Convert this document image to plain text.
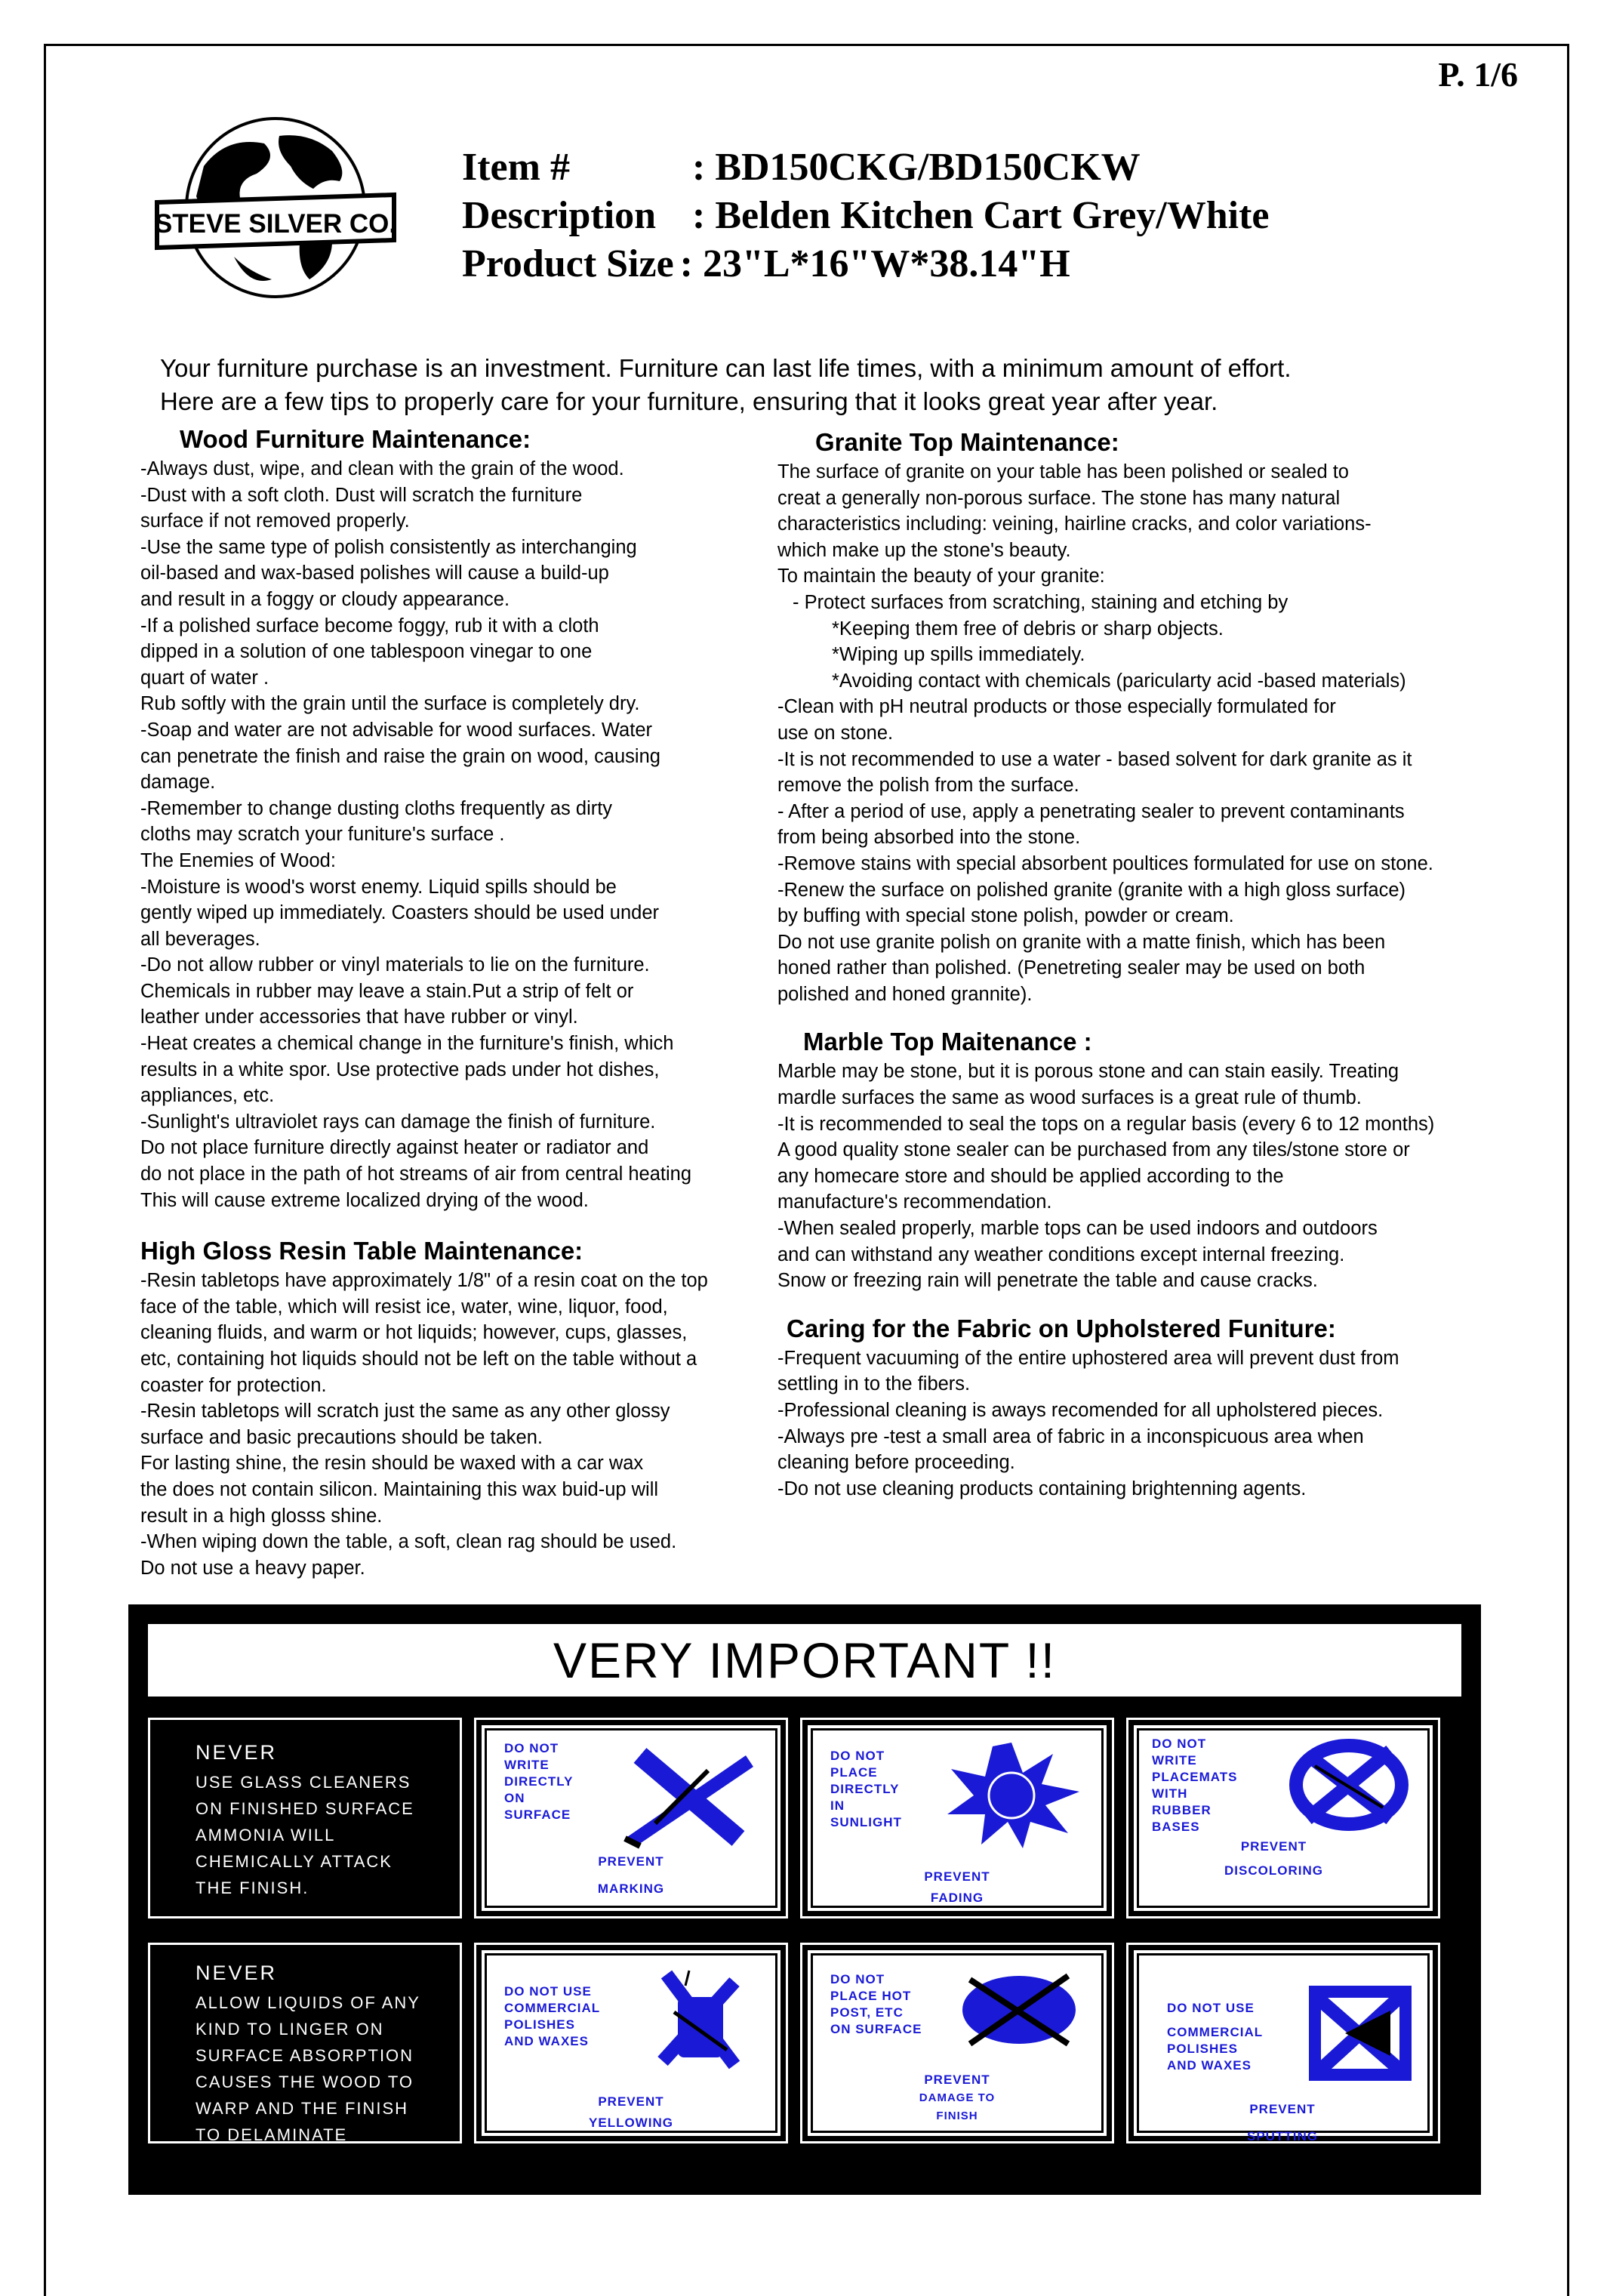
P. 1/6
STEVE SILVER CO.
Item #	: BD150CKG/BD150CKW
Description : Belden Kitchen Cart Grey/White
Product Size : 23"L*16"W*38.14"H
Your furniture purchase is an investment. Furniture can last life times, with a minimum amount of effort.
Here are a few tips to properly care for your furniture, ensuring that it looks great year after year.
Wood Furniture Maintenance:

-Always dust, wipe, and clean with the grain of the wood.

-Dust with a soft cloth. Dust will scratch the furniture

surface if not removed properly.

-Use the same type of polish consistently as interchanging

oil-based and wax-based polishes will cause a build-up

and result in a foggy or cloudy appearance.

-If a polished surface become foggy, rub it with a cloth

dipped in a solution of one tablespoon vinegar to one

quart of water .

Rub softly with the grain until the surface is completely dry.

-Soap and water are not advisable for wood surfaces. Water

can penetrate the finish and raise the grain on wood, causing

damage.

-Remember to change dusting cloths frequently as dirty

cloths may scratch your funiture's surface .

The Enemies of Wood:

-Moisture is wood's worst enemy. Liquid spills should be

gently wiped up immediately. Coasters should be used under

all beverages.

-Do not allow rubber or vinyl materials to lie on the furniture.

Chemicals in rubber may leave a stain.Put a strip of felt or

leather under accessories that have rubber or vinyl.

-Heat creates a chemical change in the furniture's finish, which

results in a white spor. Use protective pads under hot dishes,

appliances, etc.

-Sunlight's ultraviolet rays can damage the finish of furniture.

Do not place furniture directly against heater or radiator and

do not place in the path of hot streams of air from central heating

This will cause extreme localized drying of the wood.

High Gloss Resin Table Maintenance:

-Resin tabletops have approximately 1/8" of a resin coat on the top

face of the table, which will resist ice, water, wine, liquor, food,

cleaning fluids, and warm or hot liquids; however, cups, glasses,

etc, containing hot liquids should not be left on the table without a

coaster for protection.

-Resin tabletops will scratch just the same as any other glossy

surface and basic precautions should be taken.

For lasting shine, the resin should be waxed with a car wax

the does not contain silicon. Maintaining this wax buid-up will

result in a high glosss shine.

-When wiping down the table, a soft, clean rag should be used.

Do not use a heavy paper.

Granite Top Maintenance:

The surface of granite on your table has been polished or sealed to

creat a generally non-porous surface. The stone has many natural

characteristics including: veining, hairline cracks, and color variations-

which make up the stone's beauty.

To maintain the beauty of your granite:

- Protect surfaces from scratching, staining and etching by

*Keeping them free of debris or sharp objects.

*Wiping up spills immediately.

*Avoiding contact with chemicals (paricularty acid -based materials)

-Clean with pH neutral products or those especially formulated for

use on stone.

-It is not recommended to use a water - based solvent for dark granite as it

remove the polish from the surface.

- After a period of use, apply a penetrating sealer to prevent contaminants

from being absorbed into the stone.

-Remove stains with special absorbent poultices formulated for use on stone.

-Renew the surface on polished granite (granite with a high gloss surface)

by buffing with special stone polish, powder or cream.

Do not use granite polish on granite with a matte finish, which has been

honed rather than polished. (Penetreting sealer may be used on both

polished and honed grannite).

Marble Top Maitenance :

Marble may be stone, but it is porous stone and can stain easily. Treating

mardle surfaces the same as wood surfaces is a great rule of thumb.

-It is recommended to seal the tops on a regular basis (every 6 to 12 months)

A good quality stone sealer can be purchased from any tiles/stone store or

any homecare store and should be applied according to the

manufacture's recommendation.

-When sealed properly, marble tops can be used indoors and outdoors

and can withstand any weather conditions except internal freezing.

Snow or freezing rain will penetrate the table and cause cracks.

Caring for the Fabric on Upholstered Funiture:

-Frequent vacuuming of the entire uphostered area will prevent dust from

settling in to the fibers.

-Professional cleaning is aways recomended for all upholstered pieces.

-Always pre -test a small area of fabric in a inconspicuous area when

cleaning before proceeding.

-Do not use cleaning products containing brightenning agents.

VERY IMPORTANT !!
NEVER
USE GLASS CLEANERS
ON FINISHED SURFACE
AMMONIA WILL
CHEMICALLY ATTACK
THE FINISH.
DO NOT
WRITE
DIRECTLY
ON
SURFACE
PREVENT
MARKING
DO NOT
PLACE
DIRECTLY
IN
SUNLIGHT
PREVENT
FADING
DO NOT
WRITE
PLACEMATS
WITH
RUBBER
BASES
PREVENT
DISCOLORING
NEVER
ALLOW LIQUIDS OF ANY
KIND TO LINGER ON
SURFACE ABSORPTION
CAUSES THE WOOD TO
WARP AND THE FINISH
TO DELAMINATE
DO NOT USE
COMMERCIAL
POLISHES
AND WAXES
PREVENT
YELLOWING
DO NOT
PLACE HOT
POST, ETC
ON SURFACE
PREVENT
DAMAGE TO
FINISH
DO NOT USE
COMMERCIAL
POLISHES
AND WAXES
PREVENT
SPUTTING
